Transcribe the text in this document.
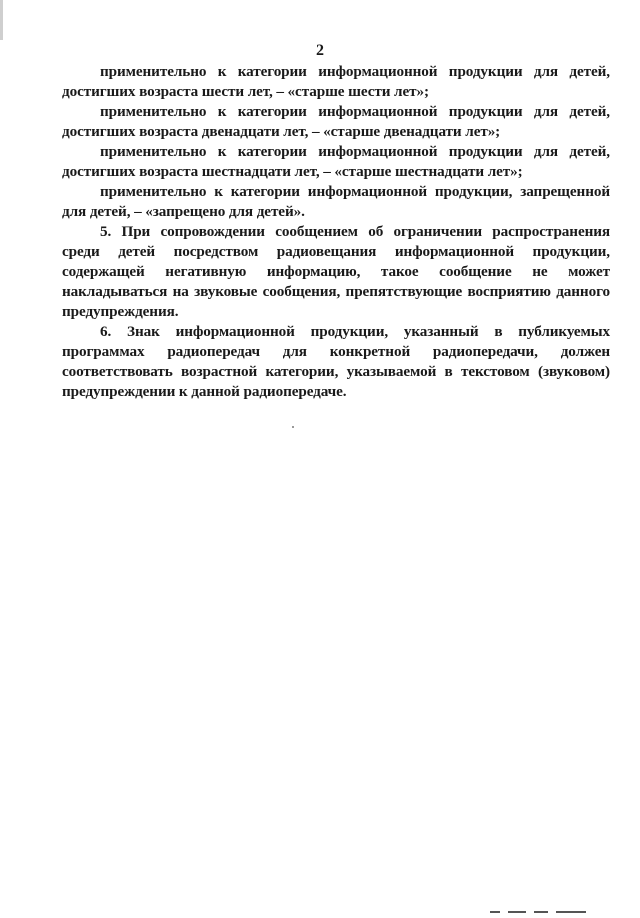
2

применительно к категории информационной продукции для детей, достигших возраста шести лет, – «старше шести лет»;

применительно к категории информационной продукции для детей, достигших возраста двенадцати лет, – «старше двенадцати лет»;

применительно к категории информационной продукции для детей, достигших возраста шестнадцати лет, – «старше шестнадцати лет»;

применительно к категории информационной продукции, запрещенной для детей, – «запрещено для детей».

5. При сопровождении сообщением об ограничении распространения среди детей посредством радиовещания информационной продукции, содержащей негативную информацию, такое сообщение не может накладываться на звуковые сообщения, препятствующие восприятию данного предупреждения.

6. Знак информационной продукции, указанный в публикуемых программах радиопередач для конкретной радиопередачи, должен соответствовать возрастной категории, указываемой в текстовом (звуковом) предупреждении к данной радиопередаче.
